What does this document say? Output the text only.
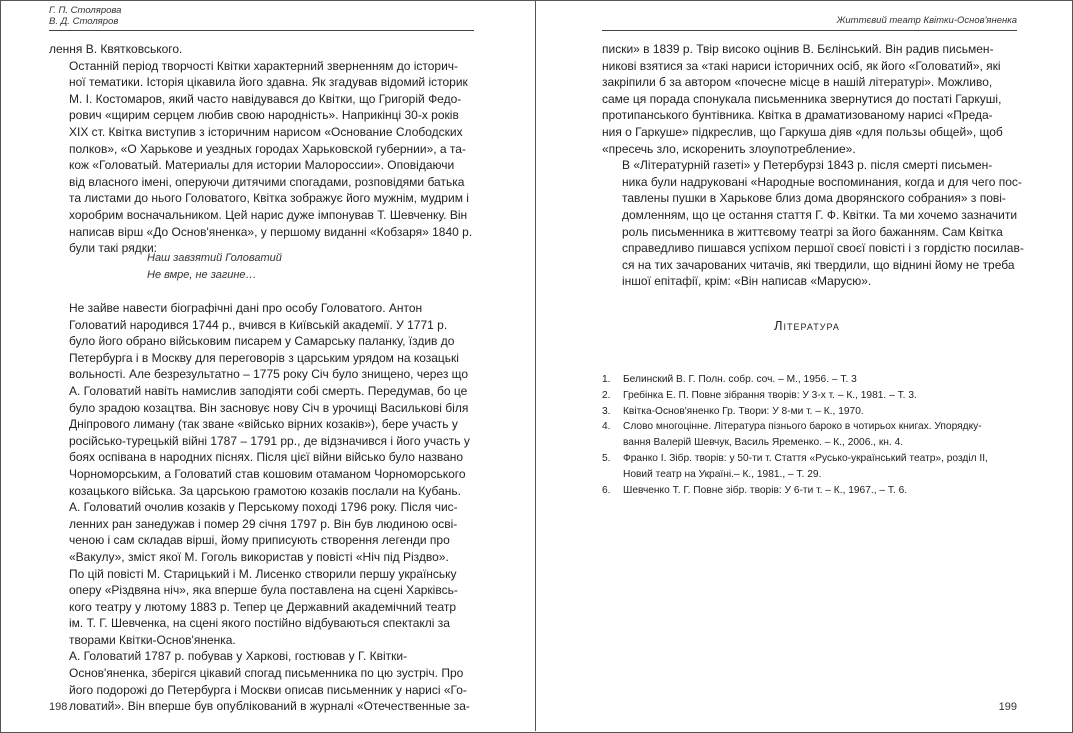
Г. П. Столярова
В. Д. Столяров

лення В. Квятковського.

Останній період творчості Квітки характерний зверненням до історич-
ної тематики. Історія цікавила його здавна. Як згадував відомий історик
М. І. Костомаров, який часто навідувався до Квітки, що Григорій Федо-
рович «щирим серцем любив свою народність». Наприкінці 30-х років
XIX ст. Квітка виступив з історичним нарисом «Основание Слободских
полков», «О Харькове и уездных городах Харьковской губернии», а та-
кож «Головатый. Материалы для истории Малороссии». Оповідаючи
від власного імені, оперуючи дитячими спогадами, розповідями батька
та листами до нього Головатого, Квітка зображує його мужнім, мудрим і
хоробрим восначальником. Цей нарис дуже імпонував Т. Шевченку. Він
написав вірш «До Основ'яненка», у першому виданні «Кобзаря» 1840 р.
були такі рядки:

Наш завзятий Головатий
Не вмре, не загине…

Не зайве навести біографічні дані про особу Головатого. Антон
Головатий народився 1744 р., вчився в Київській академії. У 1771 р.
було його обрано військовим писарем у Самарську паланку, їздив до
Петербурга і в Москву для переговорів з царським урядом на козацькі
вольності. Але безрезультатно – 1775 року Січ було знищено, через що
А. Головатий навіть намислив заподіяти собі смерть. Передумав, бо це
було зрадою козацтва. Він засновує нову Січ в урочищі Васильковi біля
Дніпрового лиману (так зване «військо вірних козаків»), бере участь у
російсько-турецькій війні 1787 – 1791 рр., де відзначився і його участь у
боях оспівана в народних піснях. Після цієї війни військо було названо
Чорноморським, а Головатий став кошовим отаманом Чорноморського
козацького війська. За царською грамотою козаків послали на Кубань.
А. Головатий очолив козаків у Перському поході 1796 року. Після чис-
ленних ран занедужав і помер 29 січня 1797 р. Він був людиною осві-
ченою і сам складав вірші, йому приписують створення легенди про
«Вакулу», зміст якої М. Гоголь використав у повісті «Ніч під Різдво».
По цій повісті М. Старицький і М. Лисенко створили першу українську
оперу «Різдвяна ніч», яка вперше була поставлена на сцені Харківсь-
кого театру у лютому 1883 р. Тепер це Державний академічний театр
ім. Т. Г. Шевченка, на сцені якого постійно відбуваються спектаклі за
творами Квітки-Основ'яненка.

А. Головатий 1787 р. побував у Харкові, гостював у Г. Квітки-
Основ'яненка, зберігся цікавий спогад письменника по цю зустріч. Про
його подорожі до Петербурга і Москви описав письменник у нарисі «Го-
ловатий». Він вперше був опублікований в журналі «Отечественные за-

198
Життєвий театр Квітки-Основ'яненка

писки» в 1839 р. Твір високо оцінив В. Бєлінський. Він радив письмен-
никові взятися за «такі нариси історичних осіб, як його «Головатий», які
закріпили б за автором «почесне місце в нашій літературі». Можливо,
саме ця порада спонукала письменника звернутися до постаті Гаркуші,
протипанського бунтівника. Квітка в драматизованому нарисі «Преда-
ния о Гаркуше» підкреслив, що Гаркуша діяв «для пользы общей», щоб
«пресечь зло, искоренить злоупотребление».

В «Літературній газеті» у Петербурзі 1843 р. після смерті письмен-
ника були надруковані «Народные воспоминания, когда и для чего пос-
тавлены пушки в Харькове близ дома дворянского собрания» з пові-
домленням, що це остання стаття Г. Ф. Квітки. Та ми хочемо зазначити
роль письменника в життєвому театрі за його бажанням. Сам Квітка
справедливо пишався успіхом першої своєї повісті і з гордістю посилав-
ся на тих зачарованих читачів, які твердили, що віднині йому не треба
іншої епітафії, крім: «Він написав «Марусю».

Література
1. Белинский В. Г. Полн. собр. соч. – М., 1956. – Т. 3
2. Гребінка Е. П. Повне зібрання творів: У 3-х т. – К., 1981. – Т. 3.
3. Квітка-Основ'яненко Гр. Твори: У 8-ми т. – К., 1970.
4. Слово многоцінне. Література пізнього бароко в чотирьох книгах. Упорядку-
вання Валерій Шевчук, Василь Яременко. – К., 2006., кн. 4.
5. Франко І. Зібр. творів: у 50-ти т. Стаття «Русько-український театр», розділ ІІ,
Новий театр на Україні.– К., 1981., – Т. 29.
6. Шевченко Т. Г. Повне зібр. творів: У 6-ти т. – К., 1967., – Т. 6.
199
